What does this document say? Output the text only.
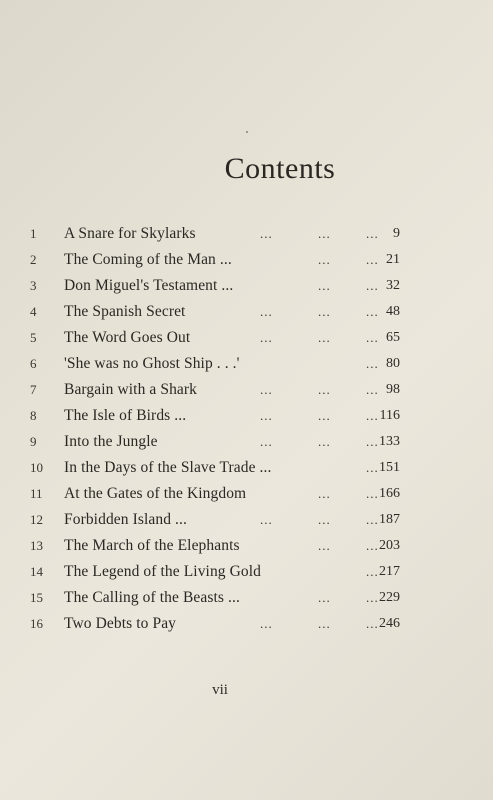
Contents
1	A Snare for Skylarks	...	...	... 9
2	The Coming of the Man ...	...	... 21
3	Don Miguel's Testament ...	...	... 32
4	The Spanish Secret	...	...	... 48
5	The Word Goes Out	...	...	... 65
6	'She was no Ghost Ship . . .'	... 80
7	Bargain with a Shark	...	...	... 98
8	The Isle of Birds ...	...	...	... 116
9	Into the Jungle	...	...	... 133
10	In the Days of the Slave Trade ...	... 151
11	At the Gates of the Kingdom	...	... 166
12	Forbidden Island ...	...	...	... 187
13	The March of the Elephants	...	... 203
14	The Legend of the Living Gold	... 217
15	The Calling of the Beasts ...	...	... 229
16	Two Debts to Pay	...	...	... 246
vii
